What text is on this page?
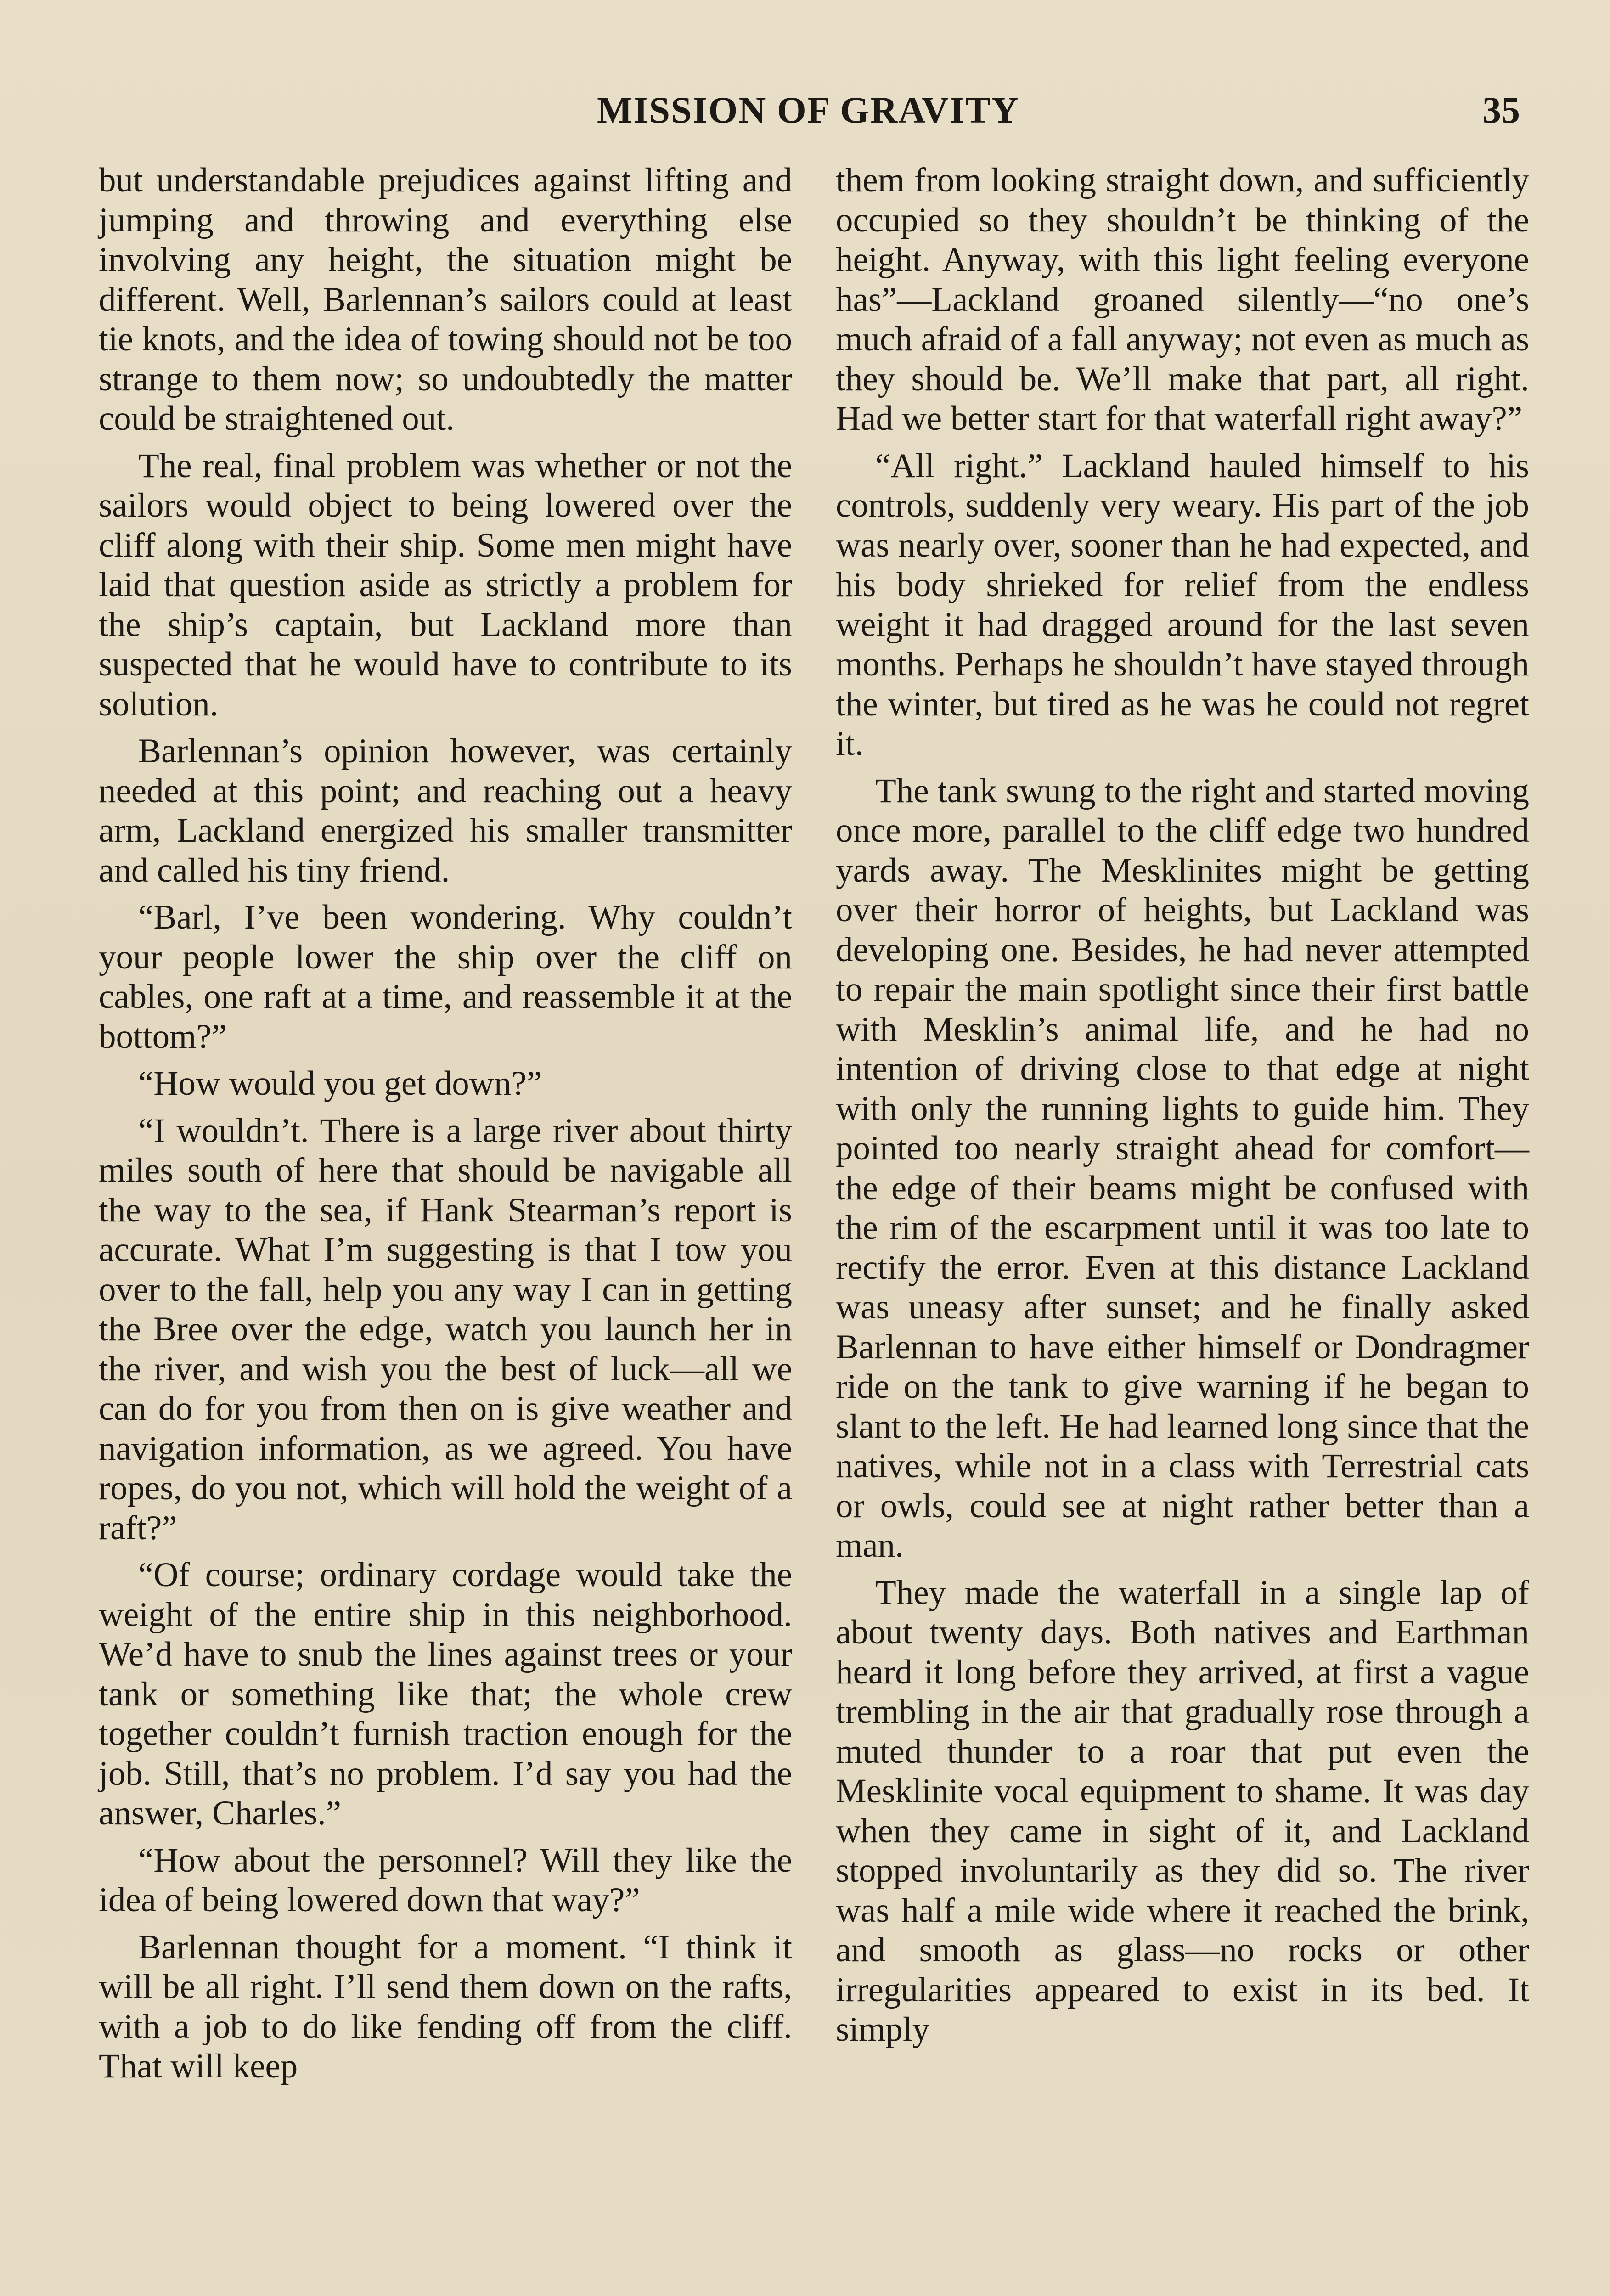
MISSION OF GRAVITY	35

but understandable prejudices against lifting and jumping and throwing and everything else involving any height, the situation might be different. Well, Barlennan’s sailors could at least tie knots, and the idea of towing should not be too strange to them now; so undoubtedly the matter could be straightened out.

The real, final problem was whether or not the sailors would object to being lowered over the cliff along with their ship. Some men might have laid that question aside as strictly a problem for the ship’s captain, but Lackland more than suspected that he would have to contribute to its solution.

Barlennan’s opinion however, was certainly needed at this point; and reaching out a heavy arm, Lackland energized his smaller transmitter and called his tiny friend.

“Barl, I’ve been wondering. Why couldn’t your people lower the ship over the cliff on cables, one raft at a time, and reassemble it at the bottom?”

“How would you get down?”

“I wouldn’t. There is a large river about thirty miles south of here that should be navigable all the way to the sea, if Hank Stearman’s report is accurate. What I’m suggesting is that I tow you over to the fall, help you any way I can in getting the Bree over the edge, watch you launch her in the river, and wish you the best of luck—all we can do for you from then on is give weather and navigation information, as we agreed. You have ropes, do you not, which will hold the weight of a raft?”

“Of course; ordinary cordage would take the weight of the entire ship in this neighborhood. We’d have to snub the lines against trees or your tank or something like that; the whole crew together couldn’t furnish traction enough for the job. Still, that’s no problem. I’d say you had the answer, Charles.”

“How about the personnel? Will they like the idea of being lowered down that way?”

Barlennan thought for a moment. “I think it will be all right. I’ll send them down on the rafts, with a job to do like fending off from the cliff. That will keep

them from looking straight down, and sufficiently occupied so they shouldn’t be thinking of the height. Anyway, with this light feeling everyone has”—Lackland groaned silently—“no one’s much afraid of a fall anyway; not even as much as they should be. We’ll make that part, all right. Had we better start for that waterfall right away?”

“All right.” Lackland hauled himself to his controls, suddenly very weary. His part of the job was nearly over, sooner than he had expected, and his body shrieked for relief from the endless weight it had dragged around for the last seven months. Perhaps he shouldn’t have stayed through the winter, but tired as he was he could not regret it.

The tank swung to the right and started moving once more, parallel to the cliff edge two hundred yards away. The Mesklinites might be getting over their horror of heights, but Lackland was developing one. Besides, he had never attempted to repair the main spotlight since their first battle with Mesklin’s animal life, and he had no intention of driving close to that edge at night with only the running lights to guide him. They pointed too nearly straight ahead for comfort—the edge of their beams might be confused with the rim of the escarpment until it was too late to rectify the error. Even at this distance Lackland was uneasy after sunset; and he finally asked Barlennan to have either himself or Dondragmer ride on the tank to give warning if he began to slant to the left. He had learned long since that the natives, while not in a class with Terrestrial cats or owls, could see at night rather better than a man.

They made the waterfall in a single lap of about twenty days. Both natives and Earthman heard it long before they arrived, at first a vague trembling in the air that gradually rose through a muted thunder to a roar that put even the Mesklinite vocal equipment to shame. It was day when they came in sight of it, and Lackland stopped involuntarily as they did so. The river was half a mile wide where it reached the brink, and smooth as glass—no rocks or other irregularities appeared to exist in its bed. It simply
